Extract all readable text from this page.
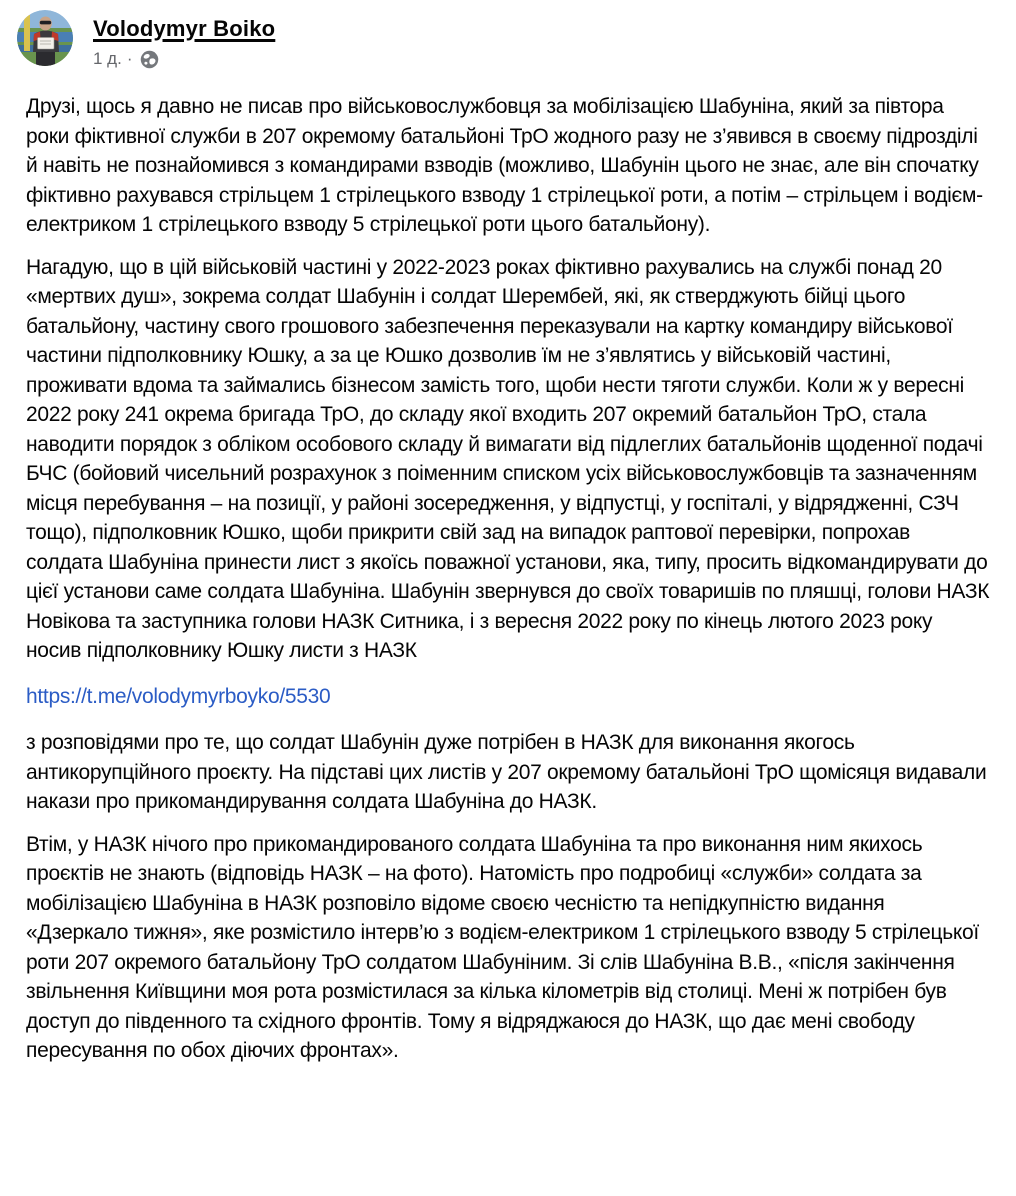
Volodymyr Boiko
1 д. ·

Друзі, щось я давно не писав про військовослужбовця за мобілізацією Шабуніна, який за півтора роки фіктивної служби в 207 окремому батальйоні ТрО жодного разу не з’явився в своєму підрозділі й навіть не познайомився з командирами взводів (можливо, Шабунін цього не знає, але він спочатку фіктивно рахувався стрільцем 1 стрілецького взводу 1 стрілецької роти, а потім – стрільцем і водієм-електриком 1 стрілецького взводу 5 стрілецької роти цього батальйону).

Нагадую, що в цій військовій частині у 2022-2023 роках фіктивно рахувались на службі понад 20 «мертвих душ», зокрема солдат Шабунін і солдат Шерембей, які, як стверджують бійці цього батальйону, частину свого грошового забезпечення переказували на картку командиру військової частини підполковнику Юшку, а за це Юшко дозволив їм не з’являтись у військовій частині, проживати вдома та займались бізнесом замість того, щоби нести тяготи служби. Коли ж у вересні 2022 року 241 окрема бригада ТрО, до складу якої входить 207 окремий батальйон ТрО, стала наводити порядок з обліком особового складу й вимагати від підлеглих батальйонів щоденної подачі БЧС (бойовий чисельний розрахунок з поіменним списком усіх військовослужбовців та зазначенням місця перебування – на позиції, у районі зосередження, у відпустці, у госпіталі, у відрядженні, СЗЧ тощо), підполковник Юшко, щоби прикрити свій зад на випадок раптової перевірки, попрохав солдата Шабуніна принести лист з якоїсь поважної установи, яка, типу, просить відкомандирувати до цієї установи саме солдата Шабуніна. Шабунін звернувся до своїх товаришів по пляшці, голови НАЗК Новікова та заступника голови НАЗК Ситника, і з вересня 2022 року по кінець лютого 2023 року носив підполковнику Юшку листи з НАЗК

https://t.me/volodymyrboyko/5530

з розповідями про те, що солдат Шабунін дуже потрібен в НАЗК для виконання якогось антикорупційного проєкту. На підставі цих листів у 207 окремому батальйоні ТрО щомісяця видавали накази про прикомандирування солдата Шабуніна до НАЗК.

Втім, у НАЗК нічого про прикомандированого солдата Шабуніна та про виконання ним якихось проєктів не знають (відповідь НАЗК – на фото). Натомість про подробиці «служби» солдата за мобілізацією Шабуніна в НАЗК розповіло відоме своєю чесністю та непідкупністю видання «Дзеркало тижня», яке розмістило інтерв’ю з водієм-електриком 1 стрілецького взводу 5 стрілецької роти 207 окремого батальйону ТрО солдатом Шабуніним. Зі слів Шабуніна В.В., «після закінчення звільнення Київщини моя рота розмістилася за кілька кілометрів від столиці. Мені ж потрібен був доступ до південного та східного фронтів. Тому я відряджаюся до НАЗК, що дає мені свободу пересування по обох діючих фронтах».
